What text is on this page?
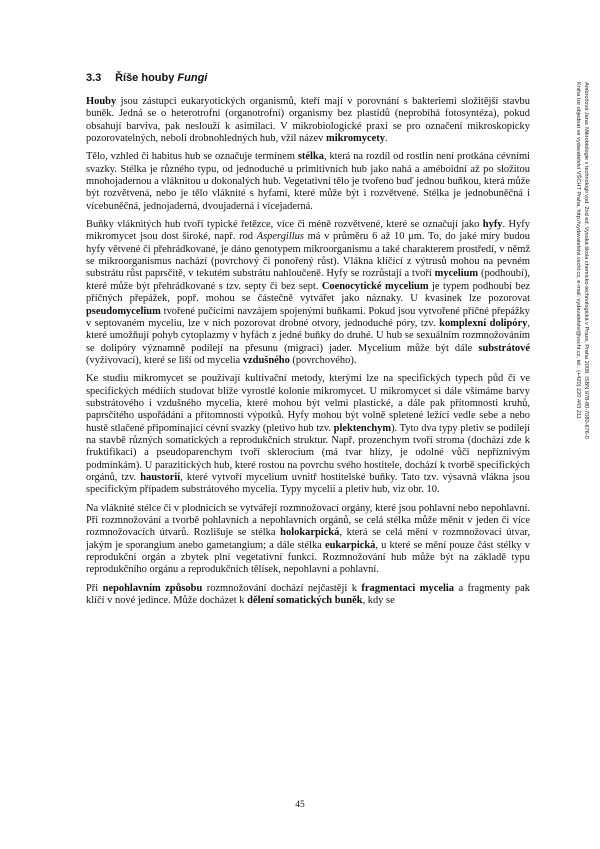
3.3 Říše houby Fungi

Houby jsou zástupci eukaryotických organismů, kteří mají v porovnání s bakteriemi složitější stavbu buněk. Jedná se o heterotrofní (organotrofní) organismy bez plastidů (neprobíhá fotosyntéza), pokud obsahují barviva, pak neslouží k asimilaci. V mikrobiologické praxi se pro označení mikroskopicky pozorovatelných, neboli drobnohledných hub, vžil název mikromycety.

Tělo, vzhled či habitus hub se označuje termínem stélka, která na rozdíl od rostlin není protkána cévními svazky. Stélka je různého typu, od jednoduché u primitivních hub jako nahá a améboidní až po složitou mnohojadernou a vláknitou u dokonalých hub. Vegetativní tělo je tvořeno buď jednou buňkou, která může být rozvětvená, nebo je tělo vláknité s hyfami, které může být i rozvětvené. Stélka je jednobuněčná i vícebuněčná, jednojaderná, dvoujaderná i vícejaderná.

Buňky vláknitých hub tvoří typické řetězce, více či méně rozvětvené, které se označují jako hyfy. Hyfy mikromycet jsou dost široké, např. rod Aspergillus má v průměru 6 až 10 μm. To, do jaké míry budou hyfy větvené či přehrádkované, je dáno genotypem mikroorganismu a také charakterem prostředí, v němž se mikroorganismus nachází (povrchový či ponořený růst). Vlákna klíčící z výtrusů mohou na pevném substrátu růst paprsčitě, v tekutém substrátu nahloučeně. Hyfy se rozrůstají a tvoří mycelium (podhoubí), které může být přehrádkované s tzv. septy či bez sept. Coenocytické mycelium je typem podhoubí bez příčných přepážek, popř. mohou se částečně vytvářet jako náznaky. U kvasinek lze pozorovat pseudomycelium tvořené pučícími navzájem spojenými buňkami. Pokud jsou vytvořené příčné přepážky v septovaném myceliu, lze v nich pozorovat drobné otvory, jednoduché póry, tzv. komplexní dolipóry, které umožňují pohyb cytoplazmy v hyfách z jedné buňky do druhé. U hub se sexuálním rozmnožováním se dolipóry významně podílejí na přesunu (migraci) jader. Mycelium může být dále substrátové (vyživovací), které se liší od mycelia vzdušného (povrchového).

Ke studiu mikromycet se používají kultivační metody, kterými lze na specifických typech půd či ve specifických médiích studovat blíže vyrostlé kolonie mikromycet. U mikromycet si dále všímáme barvy substrátového i vzdušného mycelia, které mohou být velmi plastické, a dále pak přítomnosti kruhů, paprsčitého uspořádání a přítomnosti výpotků. Hyfy mohou být volně spletené ležící vedle sebe a nebo hustě stlačené připomínající cévní svazky (pletivo hub tzv. plektenchym). Tyto dva typy pletiv se podílejí na stavbě různých somatických a reprodukčních struktur. Např. prozenchym tvoří stroma (dochází zde k fruktifikaci) a pseudoparenchym tvoří sklerocium (má tvar hlízy, je odolné vůči nepříznivým podmínkám). U parazitických hub, které rostou na povrchu svého hostitele, dochází k tvorbě specifických orgánů, tzv. haustorií, které vytvoří mycelium uvnitř hostitelské buňky. Tato tzv. výsavná vlákna jsou specifickým případem substrátového mycelia. Typy mycelií a pletiv hub, viz obr. 10.

Na vláknité stélce či v plodnicích se vytvářejí rozmnožovací orgány, které jsou pohlavní nebo nepohlavní. Při rozmnožování a tvorbě pohlavních a nepohlavních orgánů, se celá stélka může měnit v jeden či více rozmnožovacích útvarů. Rozlišuje se stélka holokarpická, která se celá mění v rozmnožovací útvar, jakým je sporangium anebo gametangium; a dále stélka eukarpická, u které se mění pouze část stélky v reprodukční orgán a zbytek plní vegetativní funkci. Rozmnožování hub může být na základě typu reprodukčního orgánu a reprodukčních tělísek, nepohlavní a pohlavní.

Při nepohlavním způsobu rozmnožování dochází nejčastěji k fragmentaci mycelia a fragmenty pak klíčí v nové jedince. Může docházet k dělení somatických buněk, kdy se

Ambrožová Jana: Mikrobiologie v technologii vod. 2nd ed. Vysoká škola chemicko-technologická v Praze, Praha 2008. ISBN 978-80-7080-676-0
Kniha lze objednat ve vydavatelství VŠCHT Praha, http://vydavatelstvi.vscht.cz, e-mail: vydavatelstvi@vscht.cz, tel.: (+420) 220 443 211
45
